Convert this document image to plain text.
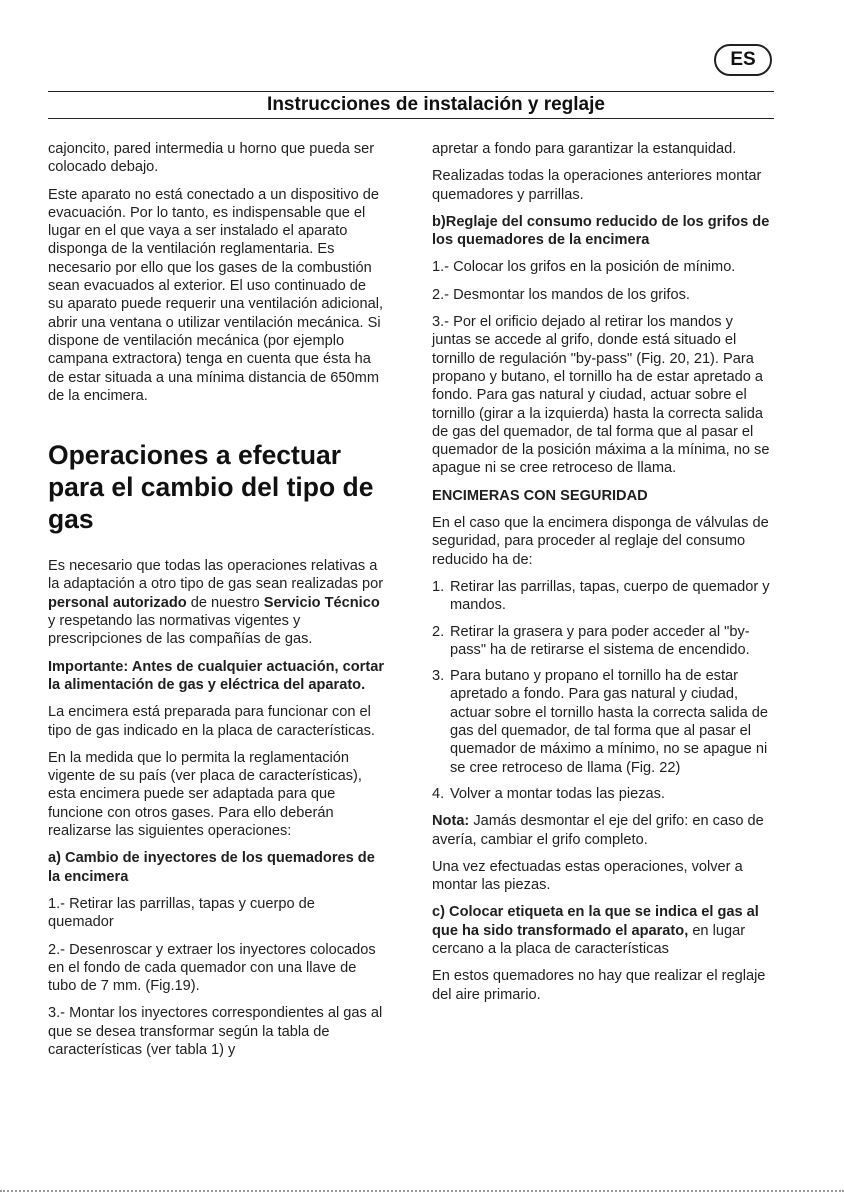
ES
Instrucciones de instalación y reglaje

cajoncito, pared intermedia u horno que pueda ser colocado debajo.

Este aparato no está conectado a un dispositivo de evacuación. Por lo tanto, es indispensable que el lugar en el que vaya a ser instalado el aparato disponga de la ventilación reglamentaria. Es necesario por ello que los gases de la combustión sean evacuados al exterior. El uso continuado de su aparato puede requerir una ventilación adicional, abrir una ventana o utilizar ventilación mecánica. Si dispone de ventilación mecánica (por ejemplo campana extractora) tenga en cuenta que ésta ha de estar situada a una mínima distancia de 650mm de la encimera.

Operaciones a efectuar para el cambio del tipo de gas

Es necesario que todas las operaciones relativas a la adaptación a otro tipo de gas sean realizadas por personal autorizado de nuestro Servicio Técnico y respetando las normativas vigentes y prescripciones de las compañías de gas.

Importante: Antes de cualquier actuación, cortar la alimentación de gas y eléctrica del aparato.

La encimera está preparada para funcionar con el tipo de gas indicado en la placa de características.

En la medida que lo permita la reglamentación vigente de su país (ver placa de características), esta encimera puede ser adaptada para que funcione con otros gases. Para ello deberán realizarse las siguientes operaciones:

a) Cambio de inyectores de los quemadores de la encimera

1.- Retirar las parrillas, tapas y cuerpo de quemador

2.- Desenroscar y extraer los inyectores colocados en el fondo de cada quemador con una llave de tubo de 7 mm. (Fig.19).

3.- Montar los inyectores correspondientes al gas al que se desea transformar según la tabla de características (ver tabla 1) y

apretar a fondo para garantizar la estanquidad.

Realizadas todas la operaciones anteriores montar quemadores y parrillas.

b)Reglaje del consumo reducido de los grifos de los quemadores de la encimera

1.- Colocar los grifos en la posición de mínimo.

2.- Desmontar los mandos de los grifos.

3.- Por el orificio dejado al retirar los mandos y juntas se accede al grifo, donde está situado el tornillo de regulación "by-pass" (Fig. 20, 21). Para propano y butano, el tornillo ha de estar apretado a fondo. Para gas natural y ciudad, actuar sobre el tornillo (girar a la izquierda) hasta la correcta salida de gas del quemador, de tal forma que al pasar el quemador de la posición máxima a la mínima, no se apague ni se cree retroceso de llama.

ENCIMERAS CON SEGURIDAD

En el caso que la encimera disponga de válvulas de seguridad, para proceder al reglaje del consumo reducido ha de:

1. Retirar las parrillas, tapas, cuerpo de quemador y mandos.
2. Retirar la grasera y para poder acceder al "by-pass" ha de retirarse el sistema de encendido.
3. Para butano y propano el tornillo ha de estar apretado a fondo. Para gas natural y ciudad, actuar sobre el tornillo hasta la correcta salida de gas del quemador, de tal forma que al pasar el quemador de máximo a mínimo, no se apague ni se cree retroceso de llama (Fig. 22)
4. Volver a montar todas las piezas.

Nota: Jamás desmontar el eje del grifo: en caso de avería, cambiar el grifo completo.

Una vez efectuadas estas operaciones, volver a montar las piezas.

c) Colocar etiqueta en la que se indica el gas al que ha sido transformado el aparato, en lugar cercano a la placa de características

En estos quemadores no hay que realizar el reglaje del aire primario.
